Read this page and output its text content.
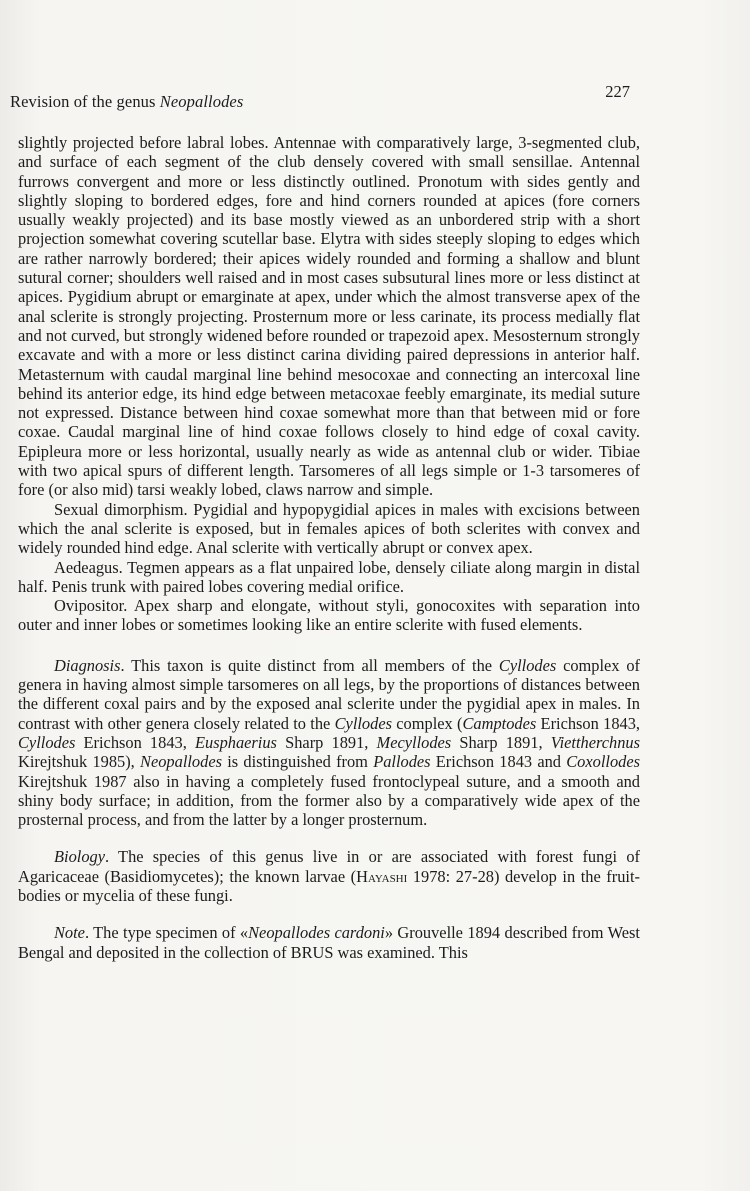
Revision of the genus Neopallodes
227

slightly projected before labral lobes. Antennae with comparatively large, 3-segmented club, and surface of each segment of the club densely covered with small sensillae. Antennal furrows convergent and more or less distinctly outlined. Pronotum with sides gently and slightly sloping to bordered edges, fore and hind corners rounded at apices (fore corners usually weakly projected) and its base mostly viewed as an unbordered strip with a short projection somewhat covering scutellar base. Elytra with sides steeply sloping to edges which are rather narrowly bordered; their apices widely rounded and forming a shallow and blunt sutural corner; shoulders well raised and in most cases subsutural lines more or less distinct at apices. Pygidium abrupt or emarginate at apex, under which the almost transverse apex of the anal sclerite is strongly projecting. Prosternum more or less carinate, its process medially flat and not curved, but strongly widened before rounded or trapezoid apex. Mesosternum strongly excavate and with a more or less distinct carina dividing paired depressions in anterior half. Metasternum with caudal marginal line behind mesocoxae and connecting an intercoxal line behind its anterior edge, its hind edge between metacoxae feebly emarginate, its medial suture not expressed. Distance between hind coxae somewhat more than that between mid or fore coxae. Caudal marginal line of hind coxae follows closely to hind edge of coxal cavity. Epipleura more or less horizontal, usually nearly as wide as antennal club or wider. Tibiae with two apical spurs of different length. Tarsomeres of all legs simple or 1-3 tarsomeres of fore (or also mid) tarsi weakly lobed, claws narrow and simple.

Sexual dimorphism. Pygidial and hypopygidial apices in males with excisions between which the anal sclerite is exposed, but in females apices of both sclerites with convex and widely rounded hind edge. Anal sclerite with vertically abrupt or convex apex.

Aedeagus. Tegmen appears as a flat unpaired lobe, densely ciliate along margin in distal half. Penis trunk with paired lobes covering medial orifice.

Ovipositor. Apex sharp and elongate, without styli, gonocoxites with separation into outer and inner lobes or sometimes looking like an entire sclerite with fused elements.

Diagnosis. This taxon is quite distinct from all members of the Cyllodes complex of genera in having almost simple tarsomeres on all legs, by the proportions of distances between the different coxal pairs and by the exposed anal sclerite under the pygidial apex in males. In contrast with other genera closely related to the Cyllodes complex (Camptodes Erichson 1843, Cyllodes Erichson 1843, Eusphaerius Sharp 1891, Mecyllodes Sharp 1891, Viettherchnus Kirejtshuk 1985), Neopallodes is distinguished from Pallodes Erichson 1843 and Coxollodes Kirejtshuk 1987 also in having a completely fused frontoclypeal suture, and a smooth and shiny body surface; in addition, from the former also by a comparatively wide apex of the prosternal process, and from the latter by a longer prosternum.

Biology. The species of this genus live in or are associated with forest fungi of Agaricaceae (Basidiomycetes); the known larvae (Hayashi 1978: 27-28) develop in the fruit-bodies or mycelia of these fungi.

Note. The type specimen of «Neopallodes cardoni» Grouvelle 1894 described from West Bengal and deposited in the collection of BRUS was examined. This
